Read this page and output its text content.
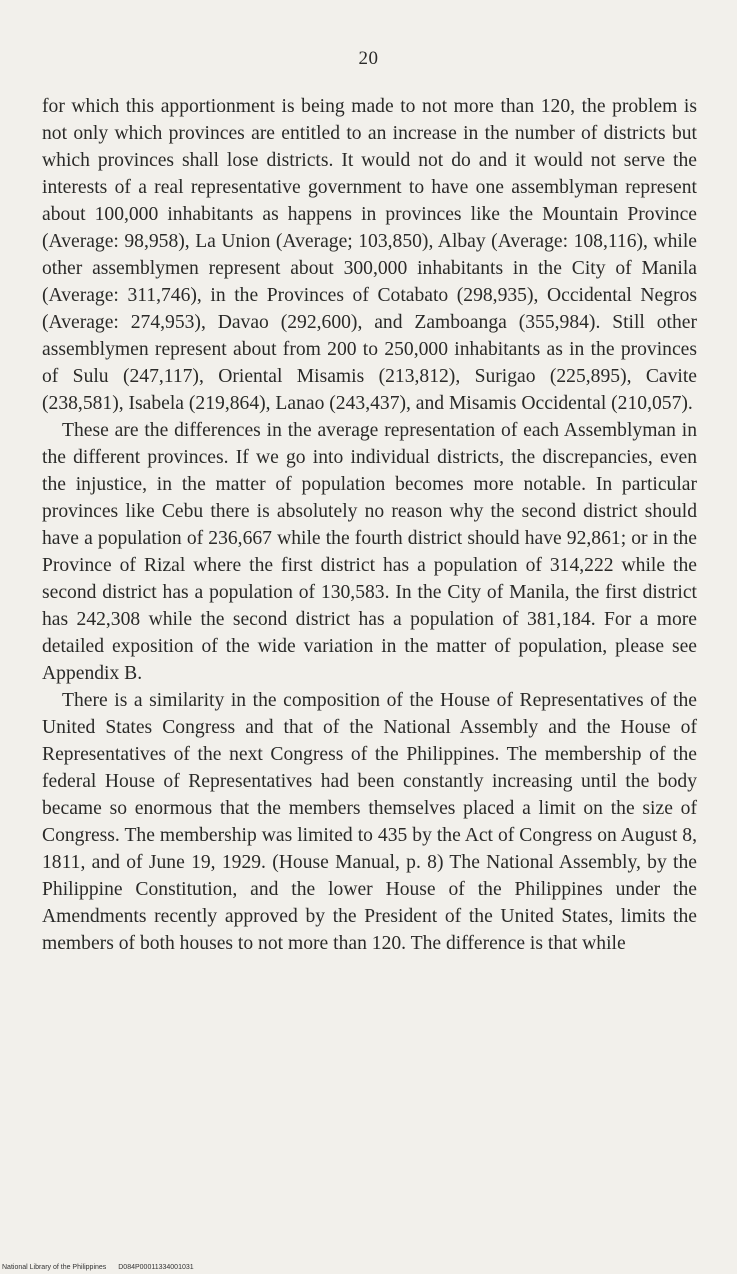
20

for which this apportionment is being made to not more than 120, the problem is not only which provinces are entitled to an increase in the number of districts but which provinces shall lose districts. It would not do and it would not serve the interests of a real representative government to have one assemblyman represent about 100,000 inhabitants as happens in provinces like the Mountain Province (Average: 98,958), La Union (Average; 103,850), Albay (Average: 108,116), while other assemblymen represent about 300,000 inhabitants in the City of Manila (Average: 311,746), in the Provinces of Cotabato (298,935), Occidental Negros (Average: 274,953), Davao (292,600), and Zamboanga (355,984). Still other assemblymen represent about from 200 to 250,000 inhabitants as in the provinces of Sulu (247,117), Oriental Misamis (213,812), Surigao (225,895), Cavite (238,581), Isabela (219,864), Lanao (243,437), and Misamis Occidental (210,057).

These are the differences in the average representation of each Assemblyman in the different provinces. If we go into individual districts, the discrepancies, even the injustice, in the matter of population becomes more notable. In particular provinces like Cebu there is absolutely no reason why the second district should have a population of 236,667 while the fourth district should have 92,861; or in the Province of Rizal where the first district has a population of 314,222 while the second district has a population of 130,583. In the City of Manila, the first district has 242,308 while the second district has a population of 381,184. For a more detailed exposition of the wide variation in the matter of population, please see Appendix B.

There is a similarity in the composition of the House of Representatives of the United States Congress and that of the National Assembly and the House of Representatives of the next Congress of the Philippines. The membership of the federal House of Representatives had been constantly increasing until the body became so enormous that the members themselves placed a limit on the size of Congress. The membership was limited to 435 by the Act of Congress on August 8, 1811, and of June 19, 1929. (House Manual, p. 8) The National Assembly, by the Philippine Constitution, and the lower House of the Philippines under the Amendments recently approved by the President of the United States, limits the members of both houses to not more than 120. The difference is that while

National Library of the Philippines D084P00011334001031
